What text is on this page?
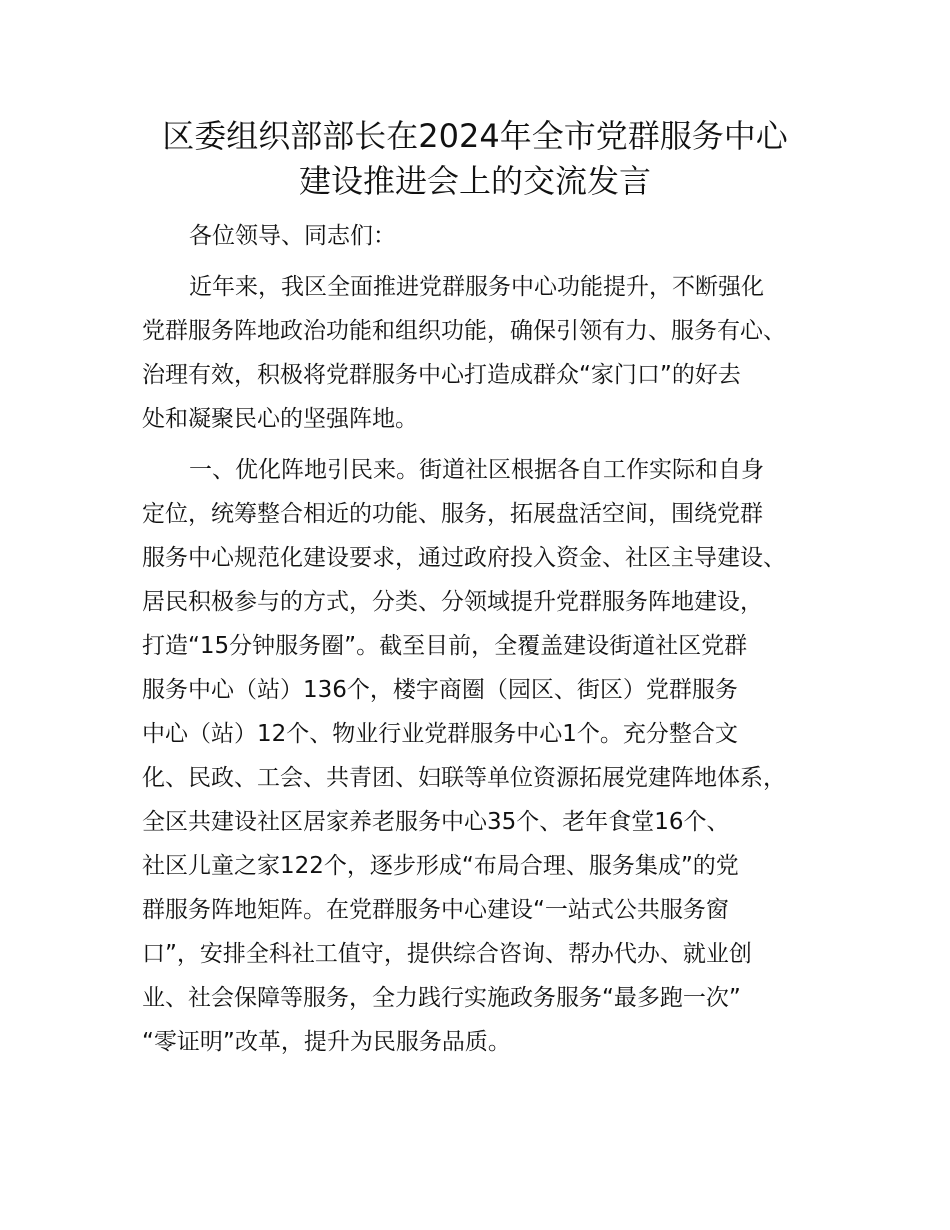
区委组织部部长在2024年全市党群服务中心
建设推进会上的交流发言
各位领导、同志们：
近年来，我区全面推进党群服务中心功能提升，不断强化
党群服务阵地政治功能和组织功能，确保引领有力、服务有心、
治理有效，积极将党群服务中心打造成群众“家门口”的好去
处和凝聚民心的坚强阵地。
一、优化阵地引民来。街道社区根据各自工作实际和自身
定位，统筹整合相近的功能、服务，拓展盘活空间，围绕党群
服务中心规范化建设要求，通过政府投入资金、社区主导建设、
居民积极参与的方式，分类、分领域提升党群服务阵地建设，
打造“15分钟服务圈”。截至目前，全覆盖建设街道社区党群
服务中心（站）136个，楼宇商圈（园区、街区）党群服务
中心（站）12个、物业行业党群服务中心1个。充分整合文
化、民政、工会、共青团、妇联等单位资源拓展党建阵地体系，
全区共建设社区居家养老服务中心35个、老年食堂16个、
社区儿童之家122个，逐步形成“布局合理、服务集成”的党
群服务阵地矩阵。在党群服务中心建设“一站式公共服务窗
口”，安排全科社工值守，提供综合咨询、帮办代办、就业创
业、社会保障等服务，全力践行实施政务服务“最多跑一次”
“零证明”改革，提升为民服务品质。
